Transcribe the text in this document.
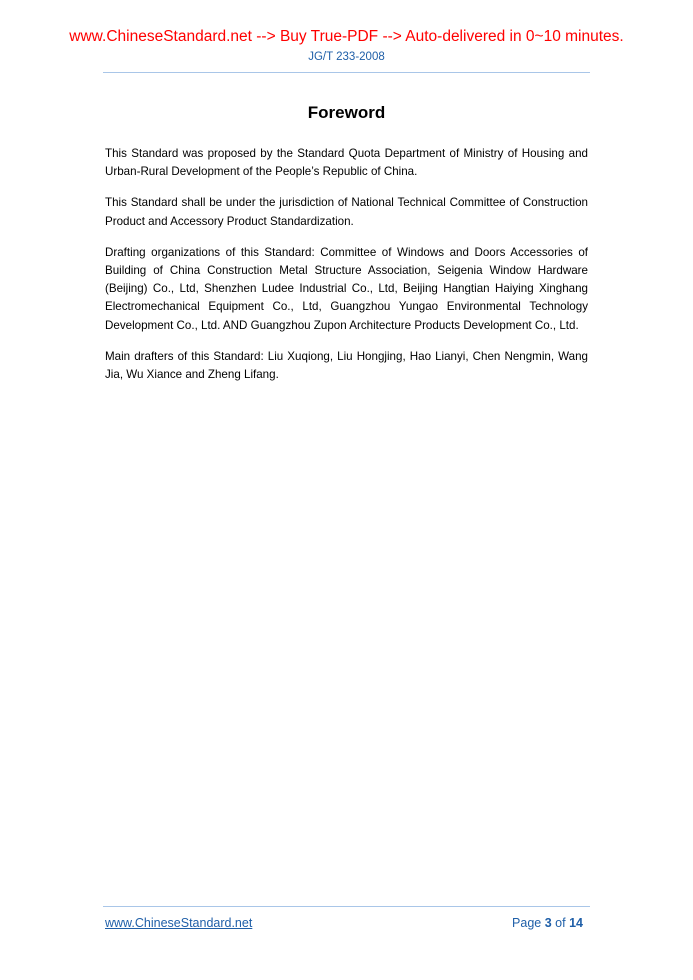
www.ChineseStandard.net --> Buy True-PDF --> Auto-delivered in 0~10 minutes.
JG/T 233-2008
Foreword

This Standard was proposed by the Standard Quota Department of Ministry of Housing and Urban-Rural Development of the People’s Republic of China.

This Standard shall be under the jurisdiction of National Technical Committee of Construction Product and Accessory Product Standardization.

Drafting organizations of this Standard: Committee of Windows and Doors Accessories of Building of China Construction Metal Structure Association, Seigenia Window Hardware (Beijing) Co., Ltd, Shenzhen Ludee Industrial Co., Ltd, Beijing Hangtian Haiying Xinghang Electromechanical Equipment Co., Ltd, Guangzhou Yungao Environmental Technology Development Co., Ltd. AND Guangzhou Zupon Architecture Products Development Co., Ltd.

Main drafters of this Standard: Liu Xuqiong, Liu Hongjing, Hao Lianyi, Chen Nengmin, Wang Jia, Wu Xiance and Zheng Lifang.

www.ChineseStandard.net	Page 3 of 14
